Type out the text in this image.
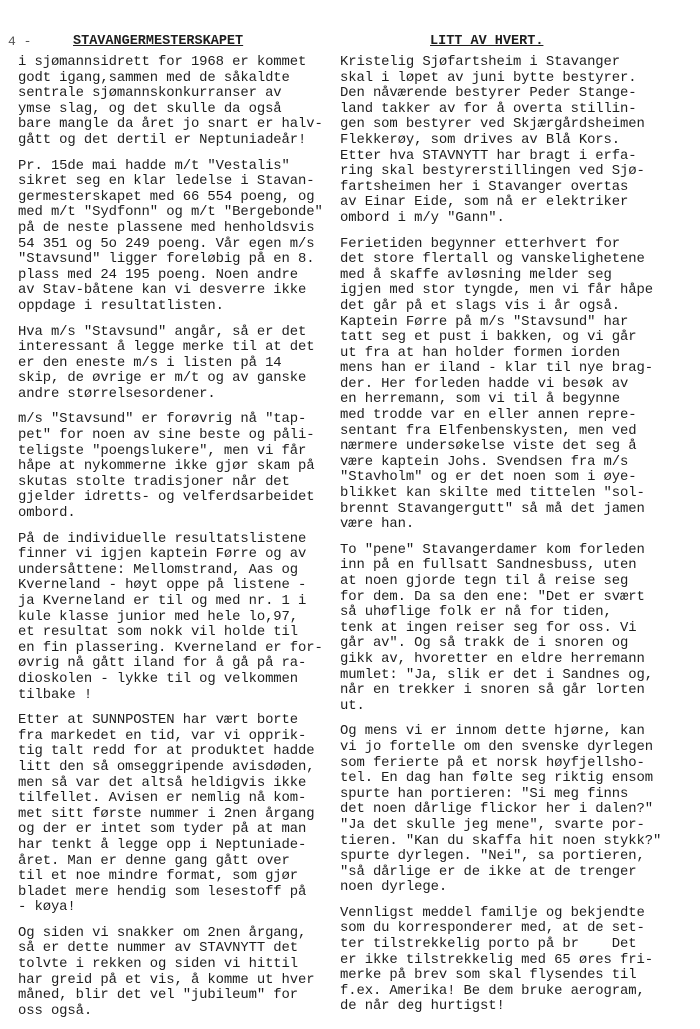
4 -	STAVANGERMESTERSKAPET
i sjømannsidrett for 1968 er kommet
godt igang,sammen med de såkaldte
sentrale sjømannskonkurranser av
ymse slag, og det skulle da også
bare mangle da året jo snart er halv-
gått og det dertil er Neptuniadeår!
Pr. 15de mai hadde m/t "Vestalis"
sikret seg en klar ledelse i Stavan-
germesterskapet med 66 554 poeng, og
med m/t "Sydfonn" og m/t "Bergebonde"
på de neste plassene med henholdsvis
54 351 og 5o 249 poeng. Vår egen m/s
"Stavsund" ligger foreløbig på en 8.
plass med 24 195 poeng. Noen andre
av Stav-båtene kan vi desverre ikke
oppdage i resultatlisten.
Hva m/s "Stavsund" angår, så er det
interessant å legge merke til at det
er den eneste m/s i listen på 14
skip, de øvrige er m/t og av ganske
andre størrelsesordener.
m/s "Stavsund" er forøvrig nå "tap-
pet" for noen av sine beste og påli-
teligste "poengslukere", men vi får
håpe at nykommerne ikke gjør skam på
skutas stolte tradisjoner når det
gjelder idretts- og velferdsarbeidet
ombord.
På de individuelle resultatslistene
finner vi igjen kaptein Førre og av
undersåttene: Mellomstrand, Aas og
Kverneland - høyt oppe på listene -
ja Kverneland er til og med nr. 1 i
kule klasse junior med hele lo,97,
et resultat som nokk vil holde til
en fin plassering. Kverneland er for-
øvrig nå gått iland for å gå på ra-
dioskolen - lykke til og velkommen
tilbake !
Etter at SUNNPOSTEN har vært borte
fra markedet en tid, var vi opprik-
tig talt redd for at produktet hadde
litt den så omseggripende avisdøden,
men så var det altså heldigvis ikke
tilfellet. Avisen er nemlig nå kom-
met sitt første nummer i 2nen årgang
og der er intet som tyder på at man
har tenkt å legge opp i Neptuniade-
året. Man er denne gang gått over
til et noe mindre format, som gjør
bladet mere hendig som lesestoff på
- køya!
Og siden vi snakker om 2nen årgang,
så er dette nummer av STAVNYTT det
tolvte i rekken og siden vi hittil
har greid på et vis, å komme ut hver
måned, blir det vel "jubileum" for
oss også.
LITT AV HVERT.
Kristelig Sjøfartsheim i Stavanger
skal i løpet av juni bytte bestyrer.
Den nåværende bestyrer Peder Stange-
land takker av for å overta stillin-
gen som bestyrer ved Skjærgårdsheimen
Flekkerøy, som drives av Blå Kors.
Etter hva STAVNYTT har bragt i erfa-
ring skal bestyrerstillingen ved Sjø-
fartsheimen her i Stavanger overtas
av Einar Eide, som nå er elektriker
ombord i m/y "Gann".
Ferietiden begynner etterhvert for
det store flertall og vanskelighetene
med å skaffe avløsning melder seg
igjen med stor tyngde, men vi får håpe
det går på et slags vis i år også.
Kaptein Førre på m/s "Stavsund" har
tatt seg et pust i bakken, og vi går
ut fra at han holder formen iorden
mens han er iland - klar til nye brag-
der. Her forleden hadde vi besøk av
en herremann, som vi til å begynne
med trodde var en eller annen repre-
sentant fra Elfenbenskysten, men ved
nærmere undersøkelse viste det seg å
være kaptein Johs. Svendsen fra m/s
"Stavholm" og er det noen som i øye-
blikket kan skilte med tittelen "sol-
brennt Stavangergutt" så må det jamen
være han.
To "pene" Stavangerdamer kom forleden
inn på en fullsatt Sandnesbuss, uten
at noen gjorde tegn til å reise seg
for dem. Da sa den ene: "Det er svært
så uhøflige folk er nå for tiden,
tenk at ingen reiser seg for oss. Vi
går av". Og så trakk de i snoren og
gikk av, hvoretter en eldre herremann
mumlet: "Ja, slik er det i Sandnes og,
når en trekker i snoren så går lorten
ut.
Og mens vi er innom dette hjørne, kan
vi jo fortelle om den svenske dyrlegen
som ferierte på et norsk høyfjellsho-
tel. En dag han følte seg riktig ensom
spurte han portieren: "Si meg finns
det noen dårlige flickor her i dalen?"
"Ja det skulle jeg mene", svarte por-
tieren. "Kan du skaffa hit noen stykk?"
spurte dyrlegen. "Nei", sa portieren,
"så dårlige er de ikke at de trenger
noen dyrlege.
Vennligst meddel familje og bekjendte
som du korresponderer med, at de set-
ter tilstrekkelig porto på br    Det
er ikke tilstrekkelig med 65 øres fri-
merke på brev som skal flysendes til
f.ex. Amerika! Be dem bruke aerogram,
de når deg hurtigst!
